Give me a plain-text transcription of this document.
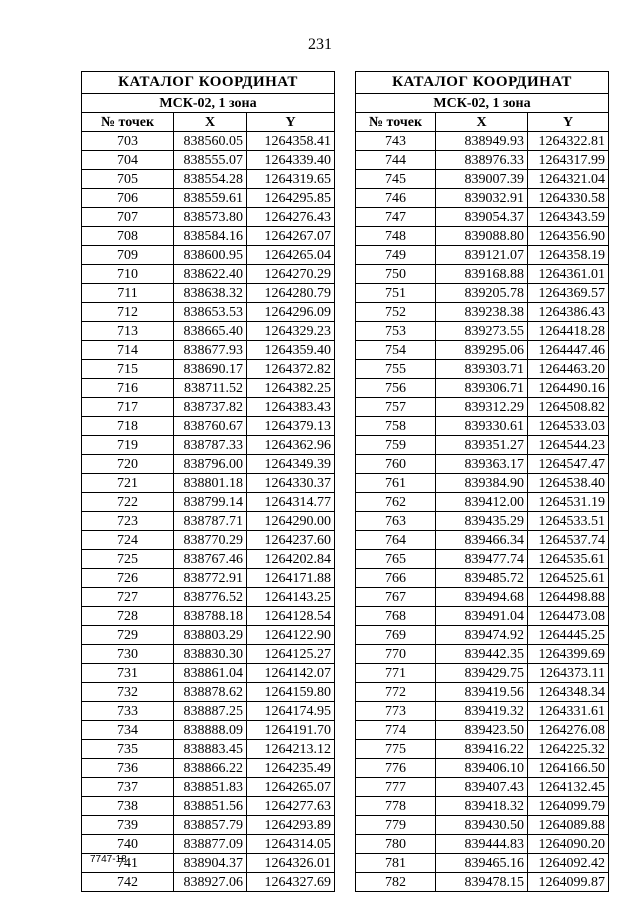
231
КАТАЛОГ КООРДИНАТ		
МСК-02, 1 зона		
№ точек	X	Y
703	838560.05	1264358.41
704	838555.07	1264339.40
705	838554.28	1264319.65
706	838559.61	1264295.85
707	838573.80	1264276.43
708	838584.16	1264267.07
709	838600.95	1264265.04
710	838622.40	1264270.29
711	838638.32	1264280.79
712	838653.53	1264296.09
713	838665.40	1264329.23
714	838677.93	1264359.40
715	838690.17	1264372.82
716	838711.52	1264382.25
717	838737.82	1264383.43
718	838760.67	1264379.13
719	838787.33	1264362.96
720	838796.00	1264349.39
721	838801.18	1264330.37
722	838799.14	1264314.77
723	838787.71	1264290.00
724	838770.29	1264237.60
725	838767.46	1264202.84
726	838772.91	1264171.88
727	838776.52	1264143.25
728	838788.18	1264128.54
729	838803.29	1264122.90
730	838830.30	1264125.27
731	838861.04	1264142.07
732	838878.62	1264159.80
733	838887.25	1264174.95
734	838888.09	1264191.70
735	838883.45	1264213.12
736	838866.22	1264235.49
737	838851.83	1264265.07
738	838851.56	1264277.63
739	838857.79	1264293.89
740	838877.09	1264314.05
741	838904.37	1264326.01
742	838927.06	1264327.69
КАТАЛОГ КООРДИНАТ		
МСК-02, 1 зона		
№ точек	X	Y
743	838949.93	1264322.81
744	838976.33	1264317.99
745	839007.39	1264321.04
746	839032.91	1264330.58
747	839054.37	1264343.59
748	839088.80	1264356.90
749	839121.07	1264358.19
750	839168.88	1264361.01
751	839205.78	1264369.57
752	839238.38	1264386.43
753	839273.55	1264418.28
754	839295.06	1264447.46
755	839303.71	1264463.20
756	839306.71	1264490.16
757	839312.29	1264508.82
758	839330.61	1264533.03
759	839351.27	1264544.23
760	839363.17	1264547.47
761	839384.90	1264538.40
762	839412.00	1264531.19
763	839435.29	1264533.51
764	839466.34	1264537.74
765	839477.74	1264535.61
766	839485.72	1264525.61
767	839494.68	1264498.88
768	839491.04	1264473.08
769	839474.92	1264445.25
770	839442.35	1264399.69
771	839429.75	1264373.11
772	839419.56	1264348.34
773	839419.32	1264331.61
774	839423.50	1264276.08
775	839416.22	1264225.32
776	839406.10	1264166.50
777	839407.43	1264132.45
778	839418.32	1264099.79
779	839430.50	1264089.88
780	839444.83	1264090.20
781	839465.16	1264092.42
782	839478.15	1264099.87
7747-18
